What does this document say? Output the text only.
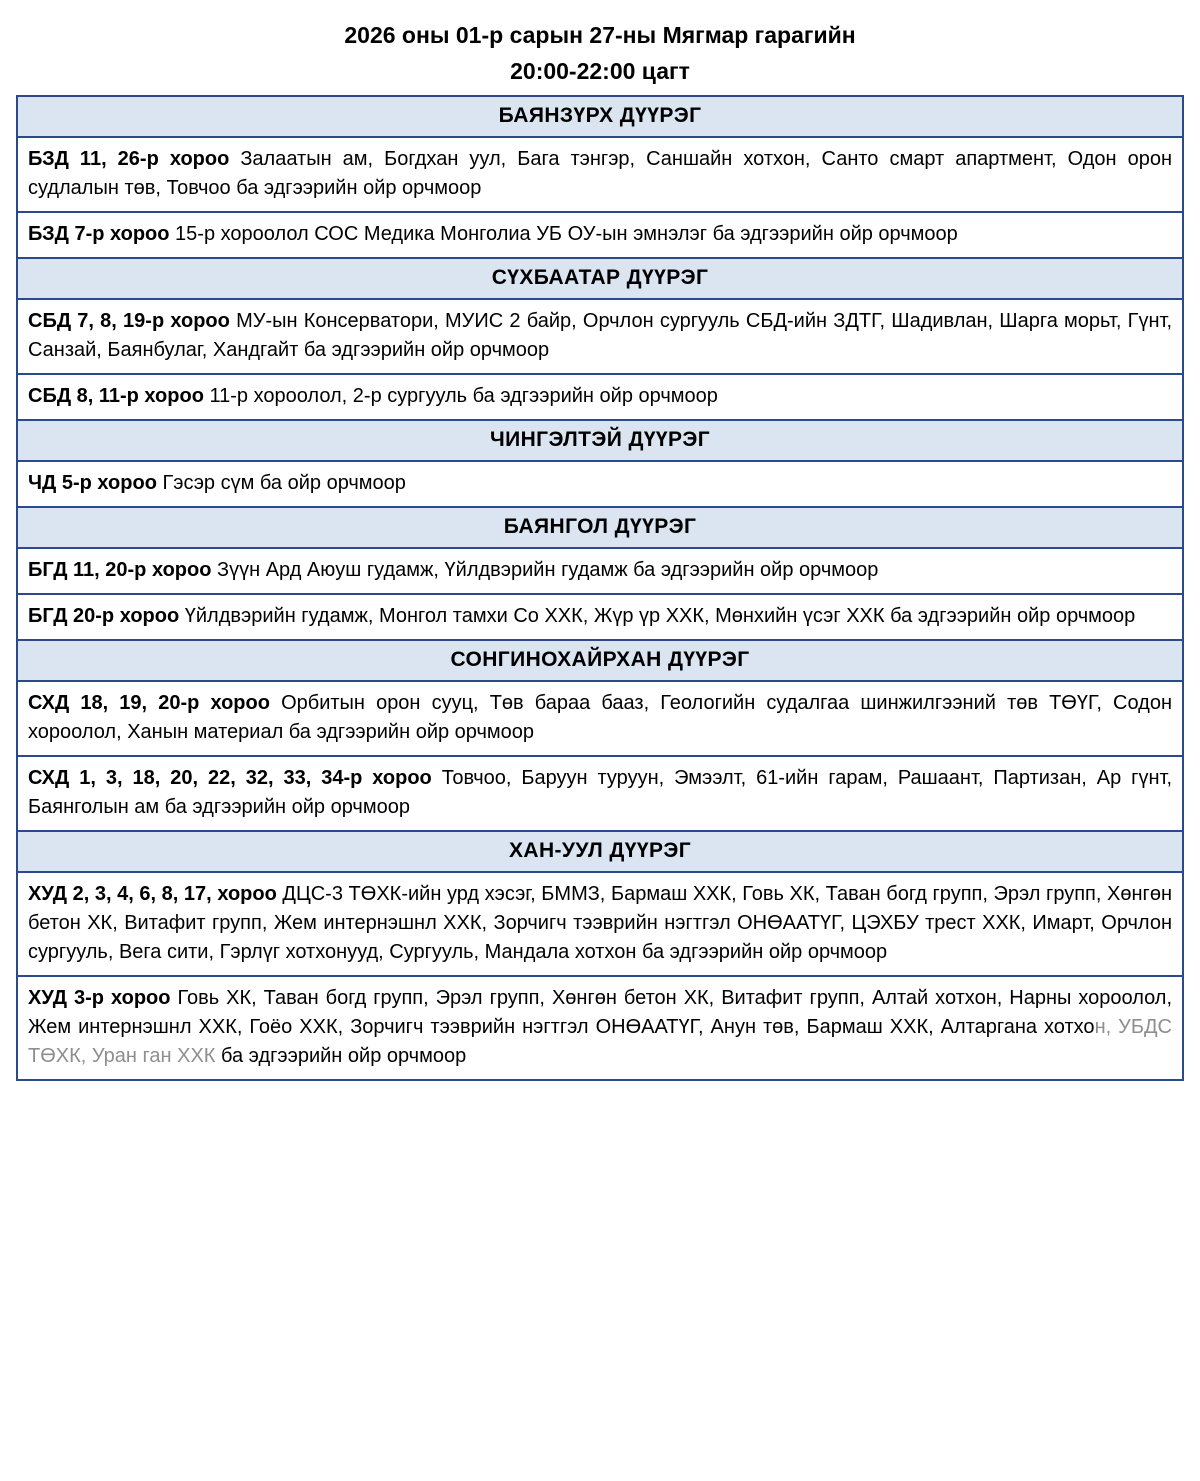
2026 оны 01-р сарын 27-ны Мягмар гарагийн
20:00-22:00 цагт
БАЯНЗҮРХ ДҮҮРЭГ
БЗД 11, 26-р хороо Залаатын ам, Богдхан уул, Бага тэнгэр, Саншайн хотхон, Санто смарт апартмент, Одон орон судлалын төв, Товчоо ба эдгээрийн ойр орчмоор
БЗД 7-р хороо 15-р хороолол СОС Медика Монголиа УБ ОУ-ын эмнэлэг ба эдгээрийн ойр орчмоор
СҮХБААТАР ДҮҮРЭГ
СБД 7, 8, 19-р хороо МУ-ын Консерватори, МУИС 2 байр, Орчлон сургууль СБД-ийн ЗДТГ, Шадивлан, Шарга морьт, Гүнт, Санзай, Баянбулаг, Хандгайт ба эдгээрийн ойр орчмоор
СБД 8, 11-р хороо 11-р хороолол, 2-р сургууль ба эдгээрийн ойр орчмоор
ЧИНГЭЛТЭЙ ДҮҮРЭГ
ЧД 5-р хороо Гэсэр сүм ба ойр орчмоор
БАЯНГОЛ ДҮҮРЭГ
БГД 11, 20-р хороо Зүүн Ард Аюуш гудамж, Үйлдвэрийн гудамж ба эдгээрийн ойр орчмоор
БГД 20-р хороо Үйлдвэрийн гудамж, Монгол тамхи Со ХХК, Жүр үр ХХК, Мөнхийн үсэг ХХК ба эдгээрийн ойр орчмоор
СОНГИНОХАЙРХАН ДҮҮРЭГ
СХД 18, 19, 20-р хороо Орбитын орон сууц, Төв бараа бааз, Геологийн судалгаа шинжилгээний төв ТӨҮГ, Содон хороолол, Ханын материал ба эдгээрийн ойр орчмоор
СХД 1, 3, 18, 20, 22, 32, 33, 34-р хороо Товчоо, Баруун туруун, Эмээлт, 61-ийн гарам, Рашаант, Партизан, Ар гүнт, Баянголын ам ба эдгээрийн ойр орчмоор
ХАН-УУЛ ДҮҮРЭГ
ХУД 2, 3, 4, 6, 8, 17, хороо ДЦС-3 ТӨХК-ийн урд хэсэг, БММЗ, Бармаш ХХК, Говь ХК, Таван богд групп, Эрэл групп, Хөнгөн бетон ХК, Витафит групп, Жем интернэшнл ХХК, Зорчигч тээврийн нэгтгэл ОНӨААТҮГ, ЦЭХБУ трест ХХК, Имарт, Орчлон сургууль, Вега сити, Гэрлүг хотхонууд, Сургууль, Мандала хотхон ба эдгээрийн ойр орчмоор
ХУД 3-р хороо Говь ХК, Таван богд групп, Эрэл групп, Хөнгөн бетон ХК, Витафит групп, Алтай хотхон, Нарны хороолол, Жем интернэшнл ХХК, Гоёо ХХК, Зорчигч тээврийн нэгтгэл ОНӨААТҮГ, Анун төв, Бармаш ХХК, Алтаргана хотхон, УБДС ТӨХК, Уран ган ХХК ба эдгээрийн ойр орчмоор
